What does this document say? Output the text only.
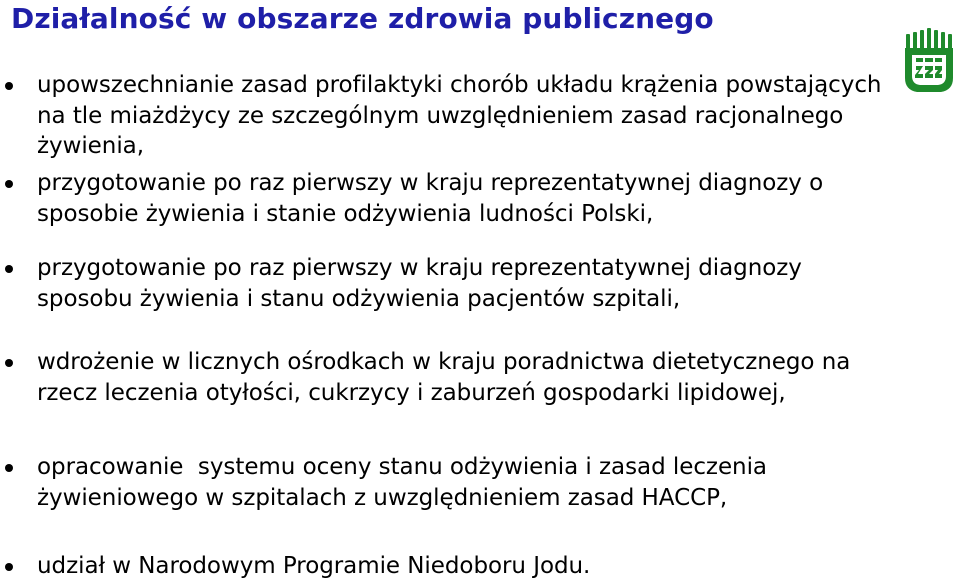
Działalność w obszarze zdrowia publicznego
upowszechnianie zasad profilaktyki chorób układu krążenia powstających na tle miażdżycy ze szczególnym uwzględnieniem zasad racjonalnego żywienia,
przygotowanie po raz pierwszy w kraju reprezentatywnej diagnozy o sposobie żywienia i stanie odżywienia ludności Polski,
przygotowanie po raz pierwszy w kraju reprezentatywnej diagnozy sposobu żywienia i stanu odżywienia pacjentów szpitali,
wdrożenie w licznych ośrodkach w kraju poradnictwa dietetycznego na rzecz leczenia otyłości, cukrzycy i zaburzeń gospodarki lipidowej,
opracowanie  systemu oceny stanu odżywienia i zasad leczenia żywieniowego w szpitalach z uwzględnieniem zasad HACCP,
udział w Narodowym Programie Niedoboru Jodu.
